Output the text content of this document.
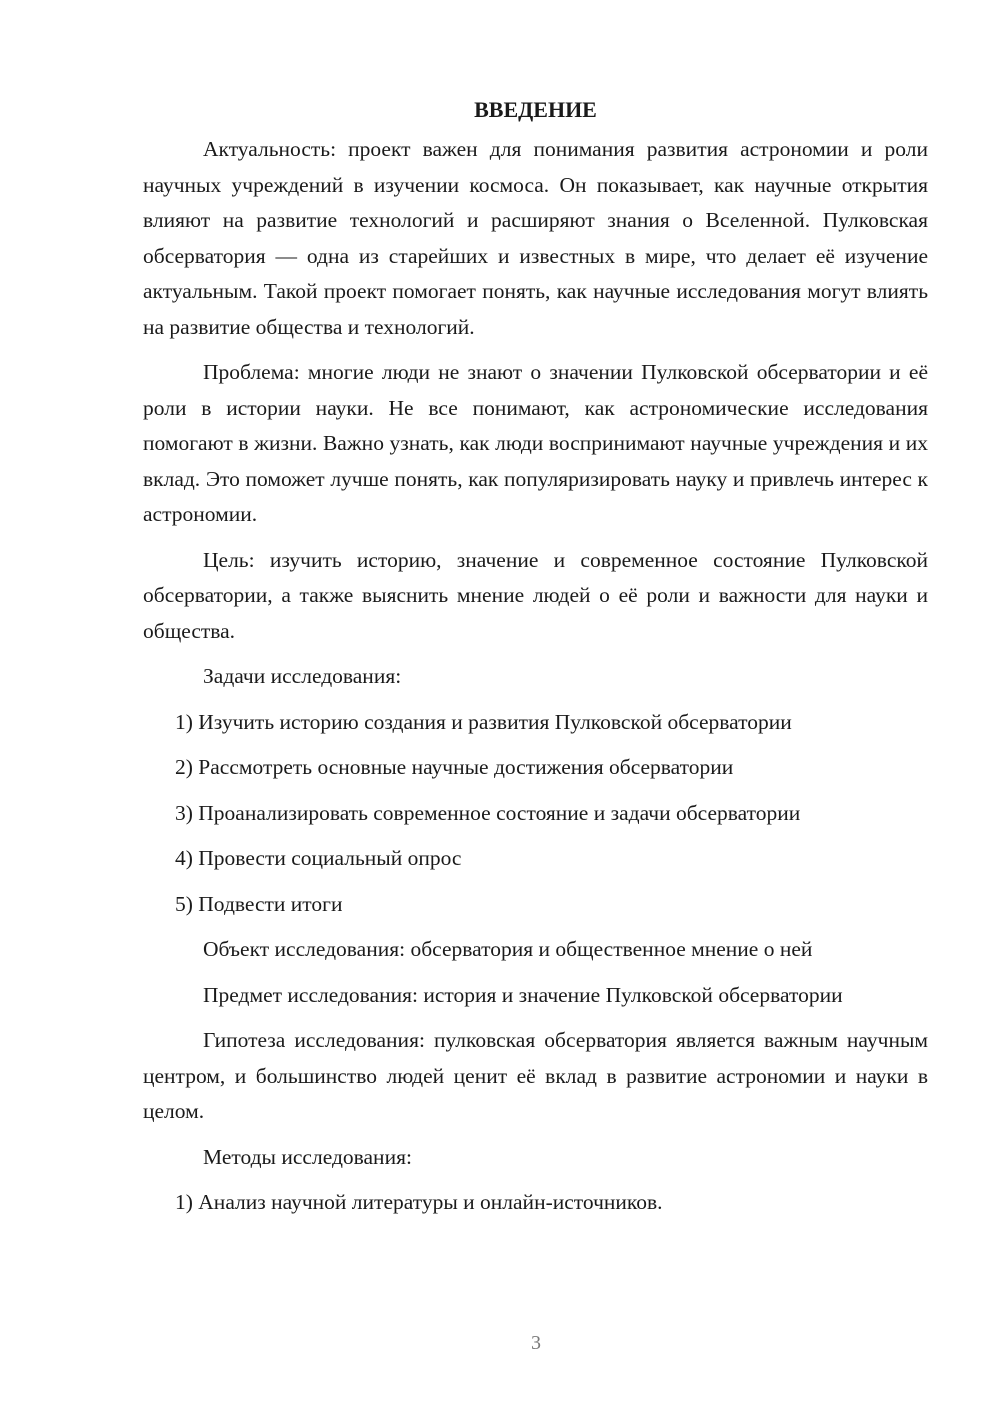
ВВЕДЕНИЕ

Актуальность: проект важен для понимания развития астрономии и роли научных учреждений в изучении космоса. Он показывает, как научные открытия влияют на развитие технологий и расширяют знания о Вселенной. Пулковская обсерватория — одна из старейших и известных в мире, что делает её изучение актуальным. Такой проект помогает понять, как научные исследования могут влиять на развитие общества и технологий.

Проблема: многие люди не знают о значении Пулковской обсерватории и её роли в истории науки. Не все понимают, как астрономические исследования помогают в жизни. Важно узнать, как люди воспринимают научные учреждения и их вклад. Это поможет лучше понять, как популяризировать науку и привлечь интерес к астрономии.

Цель: изучить историю, значение и современное состояние Пулковской обсерватории, а также выяснить мнение людей о её роли и важности для науки и общества.

Задачи исследования:

1) Изучить историю создания и развития Пулковской обсерватории
2) Рассмотреть основные научные достижения обсерватории
3) Проанализировать современное состояние и задачи обсерватории
4) Провести социальный опрос
5) Подвести итоги

Объект исследования: обсерватория и общественное мнение о ней

Предмет исследования: история и значение Пулковской обсерватории

Гипотеза исследования: пулковская обсерватория является важным научным центром, и большинство людей ценит её вклад в развитие астрономии и науки в целом.

Методы исследования:

1) Анализ научной литературы и онлайн-источников.
3
